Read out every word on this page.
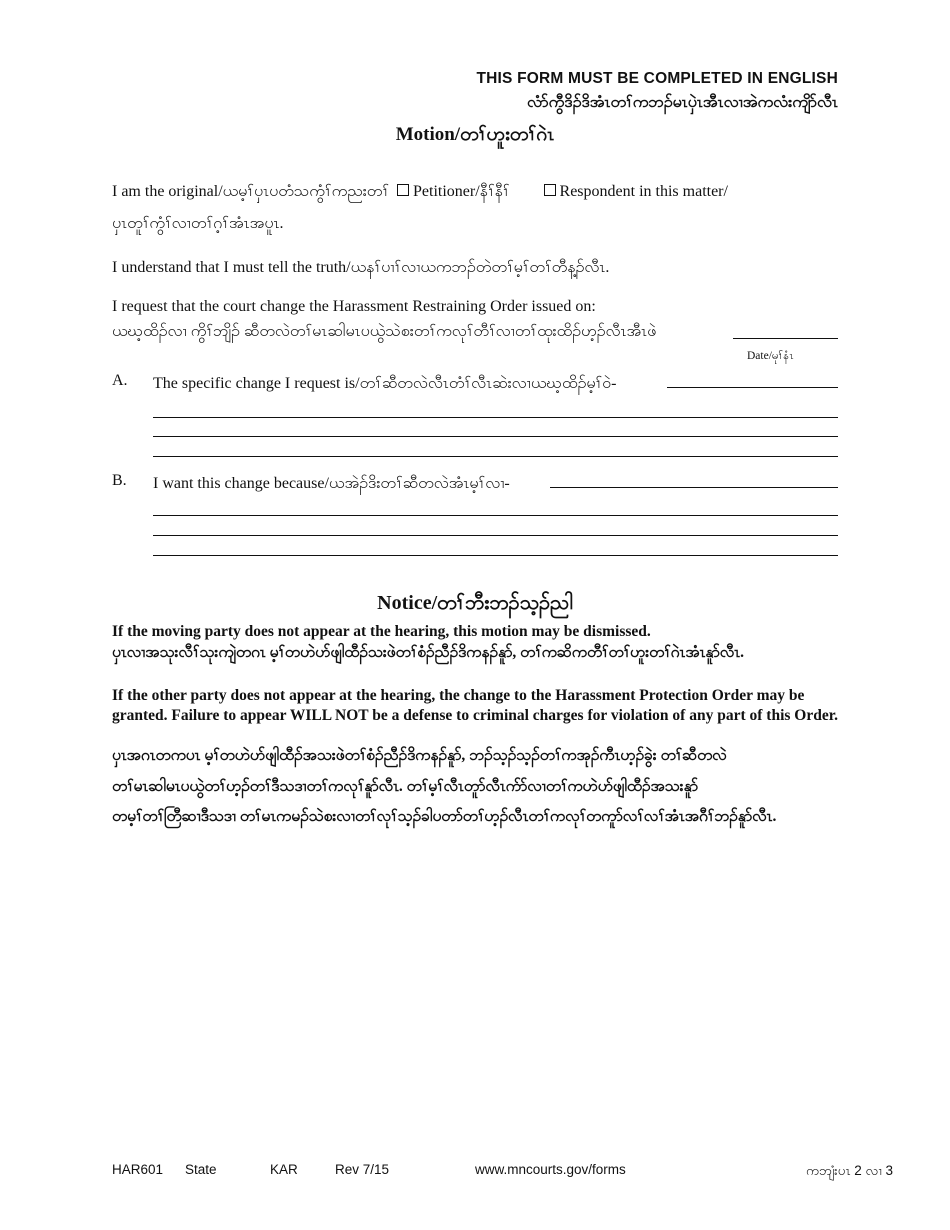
THIS FORM MUST BE COMPLETED IN ENGLISH
လံာ်ကွီဒိၣ်ဒိအံၤတၢ်ကဘၣ်မၤပှဲၤအီၤလၢအဲကလံးကျိာ်လီၤ
Motion/တၢ်ဟူးတၢ်ဂဲၤ
I am the original/ယမ့ၢ်ပှၤပတံသကွံၢ်ကညးတၢ် Petitioner/နီၢ်နီၢ်	Respondent in this matter/
ပှၤတူၢ်ကွံၢ်လၢတၢ်ဂ့ၢ်အံၤအပူၤ.
I understand that I must tell the truth/ယနၢ်ပၢၢ်လၢယကဘၣ်တဲတၢ်မ့ၢ်တၢ်တီန့ၣ်လီၤ.
I request that the court change the Harassment Restraining Order issued on:
ယဃ့ထိၣ်လၢ ကွိၢ်ဘျိၣ် ဆီတလဲတၢ်မၤဆါမၤပယွဲသဲစးတၢ်ကလုၢ်တီၢ်လၢတၢ်ထုးထိၣ်ဟ့ၣ်လီၤအီၤဖဲ
Date/မုၢ်နံၤ
A. The specific change I request is/တၢ်ဆီတလဲလီၤတံၢ်လီၤဆဲးလၢယဃ့ထိၣ်မ့ၢ်ဝဲ-
B. I want this change because/ယအဲၣ်ဒိးတၢ်ဆီတလဲအံၤမ့ၢ်လၢ-
Notice/တၢ်ဘီးဘၣ်သ့ၣ်ညါ
If the moving party does not appear at the hearing, this motion may be dismissed.
ပှၤလၢအသုးလီၢ်သုးကျဲတဂၤ မ့ၢ်တဟဲဟ်ဖျါထီၣ်သးဖဲတၢ်စံၣ်ညီၣ်ဒိကနၣ်နူာ်, တၢ်ကဆိကတီၢ်တၢ်ဟူးတၢ်ဂဲၤအံၤနူာ်လီၤ.
If the other party does not appear at the hearing, the change to the Harassment Protection Order may be granted. Failure to appear WILL NOT be a defense to criminal charges for violation of any part of this Order.
ပှၤအဂၤတကပၤ မ့ၢ်တဟဲဟ်ဖျါထီၣ်အသးဖဲတၢ်စံၣ်ညီၣ်ဒိကနၣ်နူာ်, ဘၣ်သ့ၣ်သ့ၣ်တၢ်ကအုၣ်ကီၤဟ့ၣ်ခွဲး တၢ်ဆီတလဲ
တၢ်မၤဆါမၤပယွဲတၢ်ဟ့ၣ်တၢ်ဒီသဒၢတၢ်ကလုၢ်နူာ်လီၤ. တၢ်မ့ၢ်လီၤတူာ်လီၤက်ာ်လၢတၢ်ကဟဲဟ်ဖျါထီၣ်အသးနူာ်
တမ့ၢ်တၢ်တြီဆၢဒီသဒၢ တၢ်မၤကမၣ်သဲစးလၢတၢ်လုၢ်သ့ၣ်ခါပတာ်တၢ်ဟ့ၣ်လီၤတၢ်ကလုၢ်တကူာ်လၢ်လၢ်အံၤအဂီၢ်ဘၣ်နူာ်လီၤ.
HAR601 State	KAR	Rev 7/15	www.mncourts.gov/forms	ကဘျံးပၤ 2 လၢ 3
